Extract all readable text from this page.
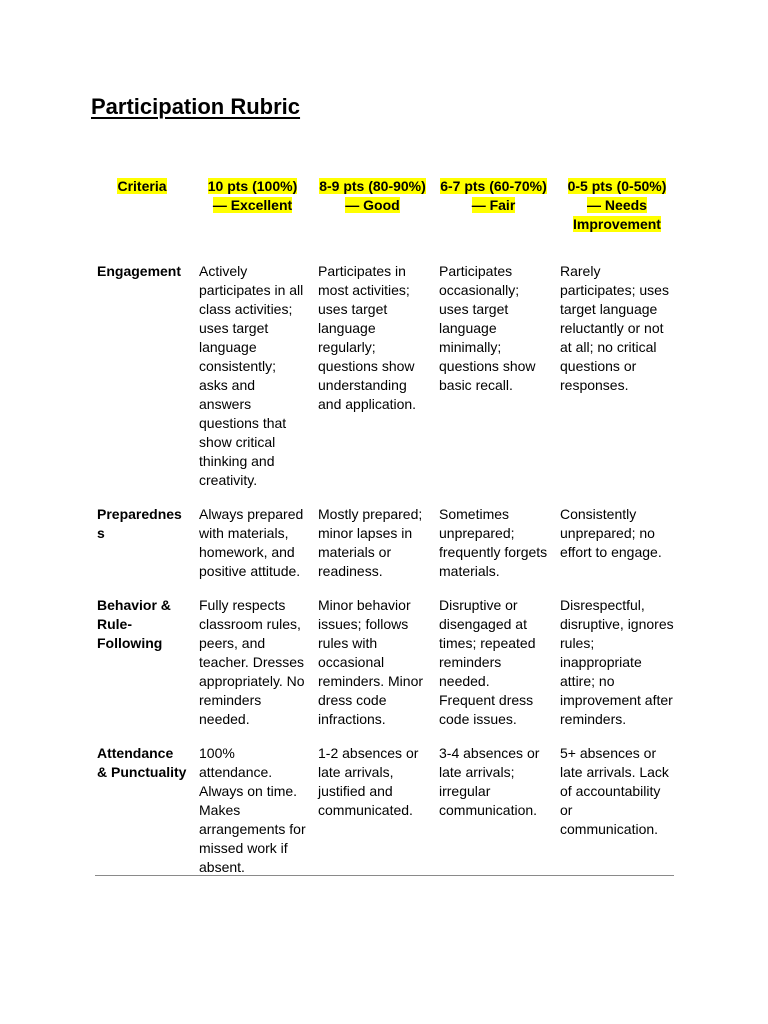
Participation Rubric
Criteria	10 pts (100%) — Excellent	8-9 pts (80-90%) — Good	6-7 pts (60-70%) — Fair	0-5 pts (0-50%) — Needs Improvement
Engagement	Actively participates in all class activities; uses target language consistently; asks and answers questions that show critical thinking and creativity.	Participates in most activities; uses target language regularly; questions show understanding and application.	Participates occasionally; uses target language minimally; questions show basic recall.	Rarely participates; uses target language reluctantly or not at all; no critical questions or responses.
Preparedness	Always prepared with materials, homework, and positive attitude.	Mostly prepared; minor lapses in materials or readiness.	Sometimes unprepared; frequently forgets materials.	Consistently unprepared; no effort to engage.
Behavior & Rule-Following	Fully respects classroom rules, peers, and teacher. Dresses appropriately. No reminders needed.	Minor behavior issues; follows rules with occasional reminders. Minor dress code infractions.	Disruptive or disengaged at times; repeated reminders needed. Frequent dress code issues.	Disrespectful, disruptive, ignores rules; inappropriate attire; no improvement after reminders.
Attendance & Punctuality	100% attendance. Always on time. Makes arrangements for missed work if absent.	1-2 absences or late arrivals, justified and communicated.	3-4 absences or late arrivals; irregular communication.	5+ absences or late arrivals. Lack of accountability or communication.
